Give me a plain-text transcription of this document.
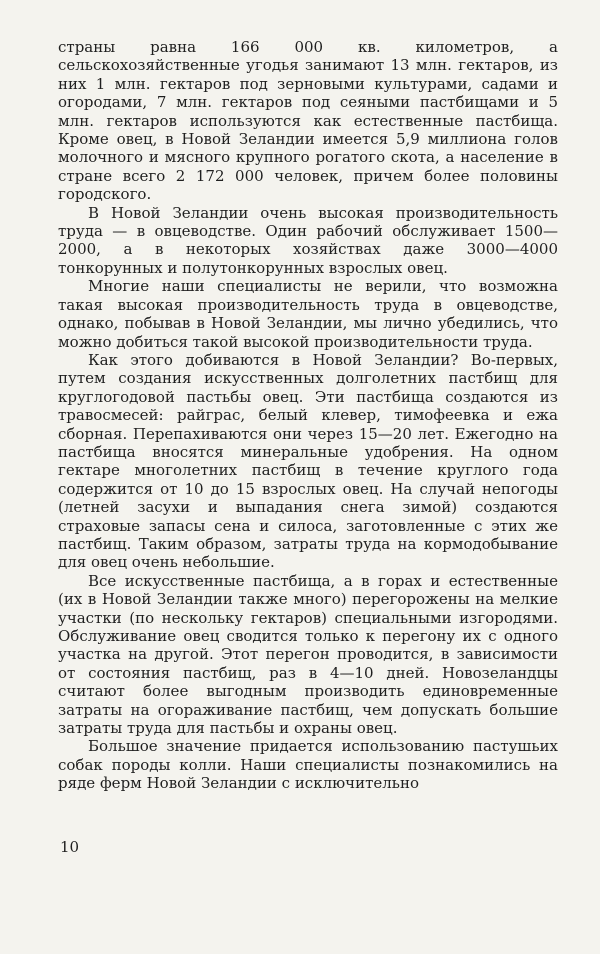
страны равна 166 000 кв. километров, а сельскохозяйственные угодья занимают 13 млн. гектаров, из них 1 млн. гектаров под зерновыми культурами, садами и огородами, 7 млн. гектаров под сеяными пастбищами и 5 млн. гектаров используются как естественные пастбища. Кроме овец, в Новой Зеландии имеется 5,9 миллиона голов молочного и мясного крупного рогатого скота, а население в стране всего 2 172 000 человек, причем более половины городского.

В Новой Зеландии очень высокая производительность труда — в овцеводстве. Один рабочий обслуживает 1500—2000, а в некоторых хозяйствах даже 3000—4000 тонкорунных и полутонкорунных взрослых овец.

Многие наши специалисты не верили, что возможна такая высокая производительность труда в овцеводстве, однако, побывав в Новой Зеландии, мы лично убедились, что можно добиться такой высокой производительности труда.

Как этого добиваются в Новой Зеландии? Во-первых, путем создания искусственных долголетних пастбищ для круглогодовой пастьбы овец. Эти пастбища создаются из травосмесей: райграс, белый клевер, тимофеевка и ежа сборная. Перепахиваются они через 15—20 лет. Ежегодно на пастбища вносятся минеральные удобрения. На одном гектаре многолетних пастбищ в течение круглого года содержится от 10 до 15 взрослых овец. На случай непогоды (летней засухи и выпадания снега зимой) создаются страховые запасы сена и силоса, заготовленные с этих же пастбищ. Таким образом, затраты труда на кормодобывание для овец очень небольшие.

Все искусственные пастбища, а в горах и естественные (их в Новой Зеландии также много) перегорожены на мелкие участки (по нескольку гектаров) специальными изгородями. Обслуживание овец сводится только к перегону их с одного участка на другой. Этот перегон проводится, в зависимости от состояния пастбищ, раз в 4—10 дней. Новозеландцы считают более выгодным производить единовременные затраты на огораживание пастбищ, чем допускать большие затраты труда для пастьбы и охраны овец.

Большое значение придается использованию пастушьих собак породы колли. Наши специалисты познакомились на ряде ферм Новой Зеландии с исключительно

10
